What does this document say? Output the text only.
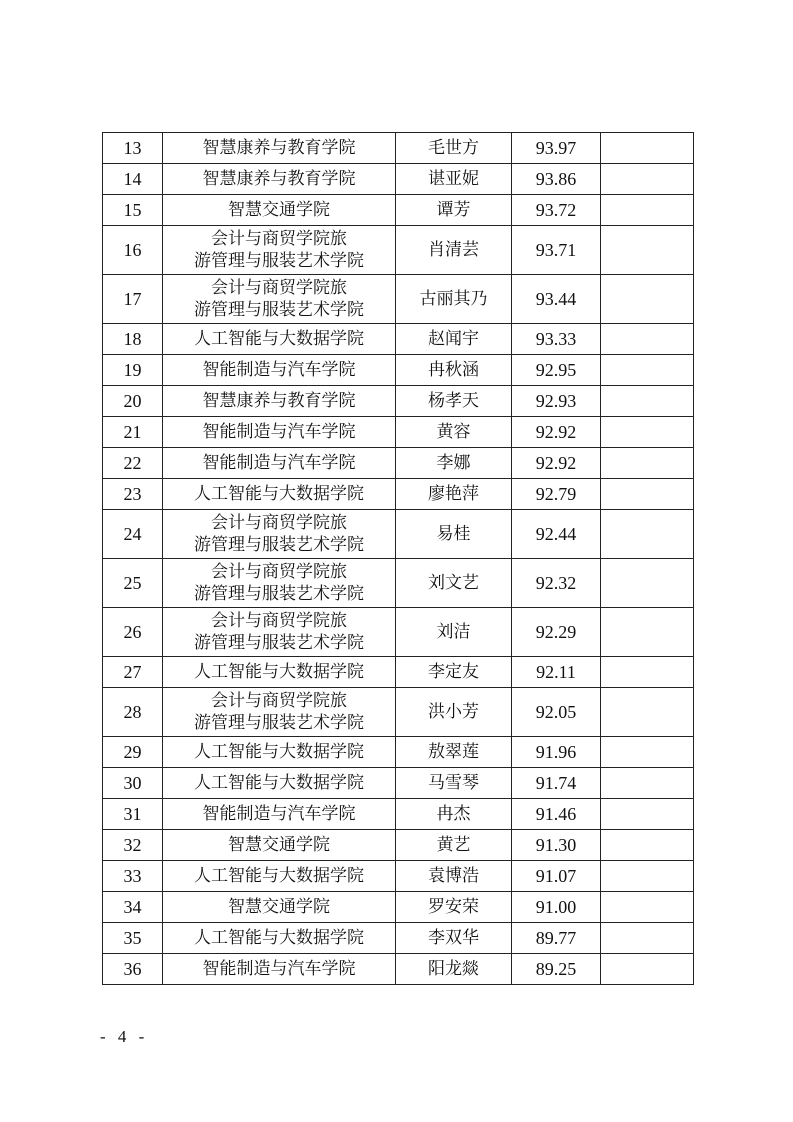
13	智慧康养与教育学院	毛世方	93.97	
14	智慧康养与教育学院	谌亚妮	93.86	
15	智慧交通学院	谭芳	93.72	
16	会计与商贸学院旅
游管理与服装艺术学院	肖清芸	93.71	
17	会计与商贸学院旅
游管理与服装艺术学院	古丽其乃	93.44	
18	人工智能与大数据学院	赵闻宇	93.33	
19	智能制造与汽车学院	冉秋涵	92.95	
20	智慧康养与教育学院	杨孝天	92.93	
21	智能制造与汽车学院	黄容	92.92	
22	智能制造与汽车学院	李娜	92.92	
23	人工智能与大数据学院	廖艳萍	92.79	
24	会计与商贸学院旅
游管理与服装艺术学院	易桂	92.44	
25	会计与商贸学院旅
游管理与服装艺术学院	刘文艺	92.32	
26	会计与商贸学院旅
游管理与服装艺术学院	刘洁	92.29	
27	人工智能与大数据学院	李定友	92.11	
28	会计与商贸学院旅
游管理与服装艺术学院	洪小芳	92.05	
29	人工智能与大数据学院	敖翠莲	91.96	
30	人工智能与大数据学院	马雪琴	91.74	
31	智能制造与汽车学院	冉杰	91.46	
32	智慧交通学院	黄艺	91.30	
33	人工智能与大数据学院	袁博浩	91.07	
34	智慧交通学院	罗安荣	91.00	
35	人工智能与大数据学院	李双华	89.77	
36	智能制造与汽车学院	阳龙燚	89.25	
- 4 -
